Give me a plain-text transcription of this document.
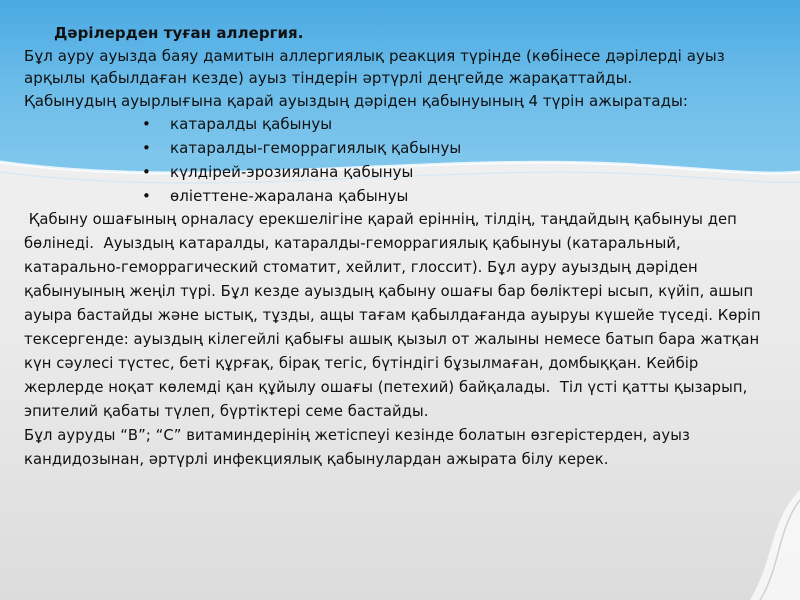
Дәрілерден туған аллергия.

Бұл ауру ауызда баяу дамитын аллергиялық реакция түрінде (көбінесе дәрілерді ауыз арқылы қабылдаған кезде) ауыз тіндерін әртүрлі деңгейде жарақаттайды.

Қабынудың ауырлығына қарай ауыздың дәріден қабынуының 4 түрін ажыратады:

• катаралды қабынуы
• катаралды-геморрагиялық қабынуы
• күлдірей-эрозиялана қабынуы
• өліеттене-жаралана қабынуы

Қабыну ошағының орналасу ерекшелігіне қарай еріннің, тілдің, таңдайдың қабынуы деп бөлінеді.  Ауыздың катаралды, катаралды-геморрагиялық қабынуы (катаральный, катарально-геморрагический стоматит, хейлит, глоссит). Бұл ауру ауыздың дәріден қабынуының жеңіл түрі. Бұл кезде ауыздың қабыну ошағы бар бөліктері ысып, күйіп, ашып ауыра бастайды және ыстық, тұзды, ащы тағам қабылдағанда ауыруы күшейе түседі. Көріп тексергенде: ауыздың кілегейлі қабығы ашық қызыл от жалыны немесе батып бара жатқан күн сәулесі түстес, беті құрғақ, бірақ тегіс, бүтіндігі бұзылмаған, домбыққан. Кейбір жерлерде ноқат көлемді қан құйылу ошағы (петехий) байқалады.  Тіл үсті қатты қызарып, эпителий қабаты түлеп, бүртіктері семе бастайды.

Бұл ауруды “В”; “С” витаминдерінің жетіспеуі кезінде болатын өзгерістерден, ауыз кандидозынан, әртүрлі инфекциялық қабынулардан ажырата білу керек.
